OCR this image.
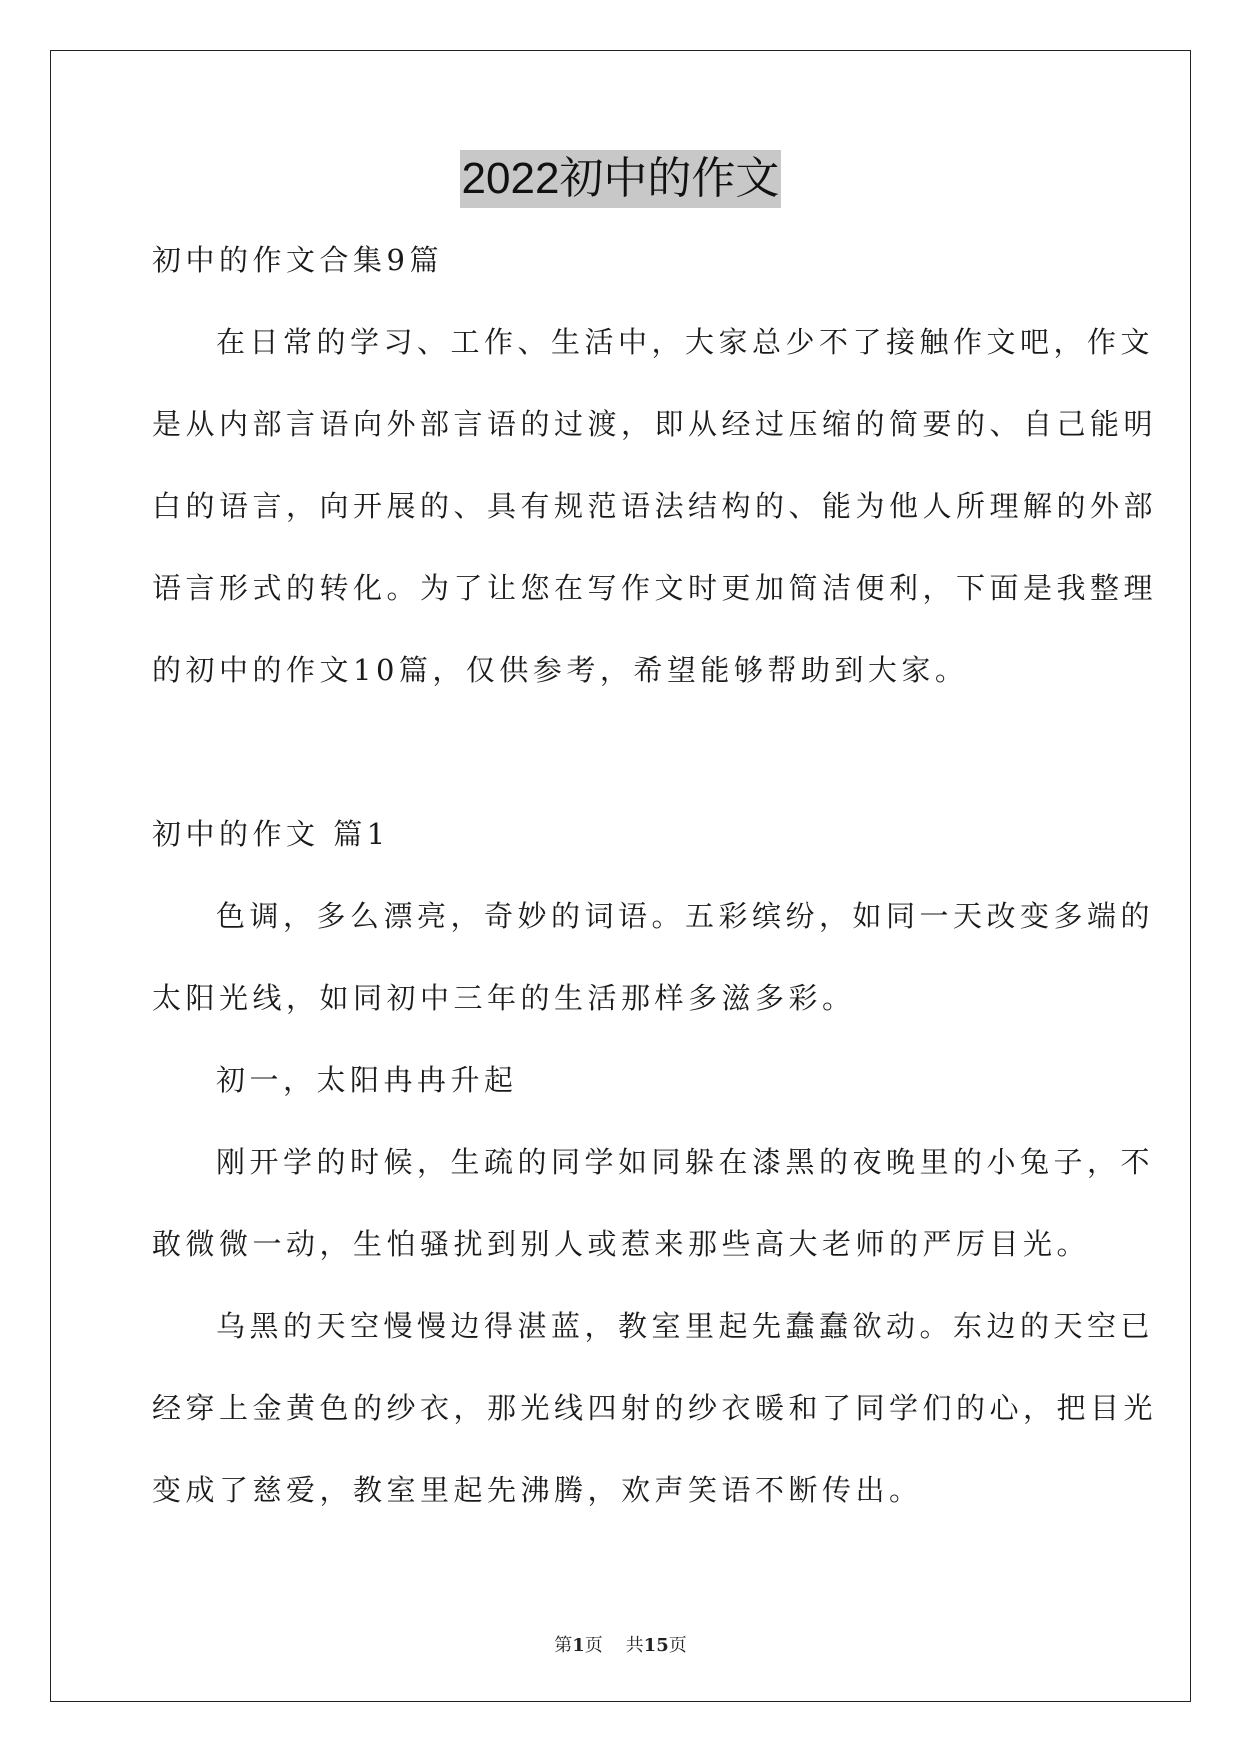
2022初中的作文
初中的作文合集9篇
在日常的学习、工作、生活中，大家总少不了接触作文吧，作文
是从内部言语向外部言语的过渡，即从经过压缩的简要的、自己能明
白的语言，向开展的、具有规范语法结构的、能为他人所理解的外部
语言形式的转化。为了让您在写作文时更加简洁便利，下面是我整理
的初中的作文10篇，仅供参考，希望能够帮助到大家。
初中的作文 篇1
色调，多么漂亮，奇妙的词语。五彩缤纷，如同一天改变多端的
太阳光线，如同初中三年的生活那样多滋多彩。
初一，太阳冉冉升起
刚开学的时候，生疏的同学如同躲在漆黑的夜晚里的小兔子，不
敢微微一动，生怕骚扰到别人或惹来那些高大老师的严厉目光。
乌黑的天空慢慢边得湛蓝，教室里起先蠢蠢欲动。东边的天空已
经穿上金黄色的纱衣，那光线四射的纱衣暖和了同学们的心，把目光
变成了慈爱，教室里起先沸腾，欢声笑语不断传出。
第1页    共15页
